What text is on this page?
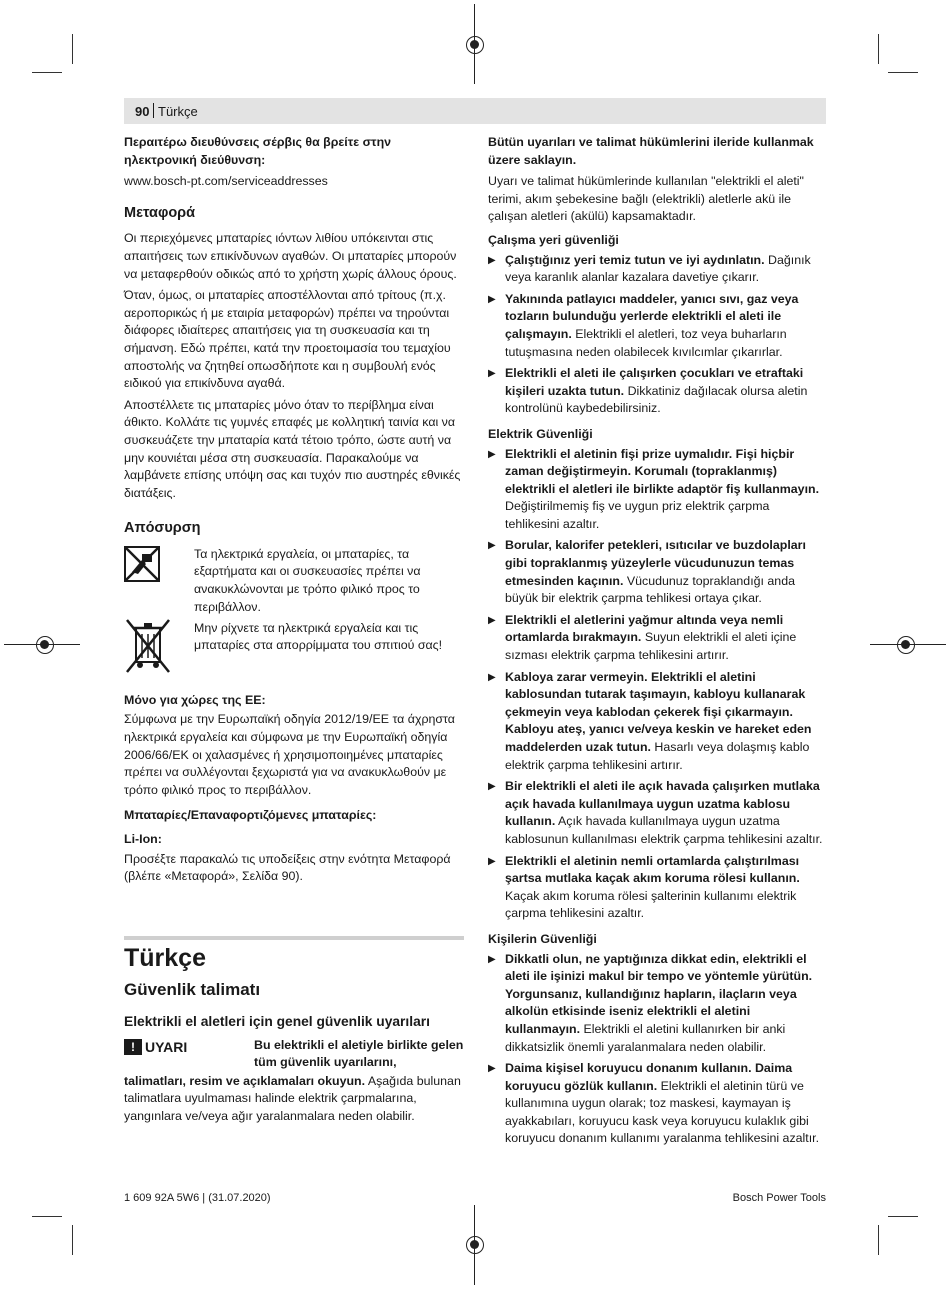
90 Türkçe

Περαιτέρω διευθύνσεις σέρβις θα βρείτε στην ηλεκτρονική διεύθυνση:

www.bosch-pt.com/serviceaddresses

Μεταφορά

Οι περιεχόμενες μπαταρίες ιόντων λιθίου υπόκεινται στις απαιτήσεις των επικίνδυνων αγαθών. Οι μπαταρίες μπορούν να μεταφερθούν οδικώς από το χρήστη χωρίς άλλους όρους.

Όταν, όμως, οι μπαταρίες αποστέλλονται από τρίτους (π.χ. αεροπορικώς ή με εταιρία μεταφορών) πρέπει να τηρούνται διάφορες ιδιαίτερες απαιτήσεις για τη συσκευασία και τη σήμανση. Εδώ πρέπει, κατά την προετοιμασία του τεμαχίου αποστολής να ζητηθεί οπωσδήποτε και η συμβουλή ενός ειδικού για επικίνδυνα αγαθά.

Αποστέλλετε τις μπαταρίες μόνο όταν το περίβλημα είναι άθικτο. Κολλάτε τις γυμνές επαφές με κολλητική ταινία και να συσκευάζετε την μπαταρία κατά τέτοιο τρόπο, ώστε αυτή να μην κουνιέται μέσα στη συσκευασία. Παρακαλούμε να λαμβάνετε επίσης υπόψη σας και τυχόν πιο αυστηρές εθνικές διατάξεις.

Απόσυρση
Τα ηλεκτρικά εργαλεία, οι μπαταρίες, τα εξαρτήματα και οι συσκευασίες πρέπει να ανακυκλώνονται με τρόπο φιλικό προς το περιβάλλον.
Μην ρίχνετε τα ηλεκτρικά εργαλεία και τις μπαταρίες στα απορρίμματα του σπιτιού σας!
Μόνο για χώρες της ΕΕ:

Σύμφωνα με την Ευρωπαϊκή οδηγία 2012/19/ΕΕ τα άχρηστα ηλεκτρικά εργαλεία και σύμφωνα με την Ευρωπαϊκή οδηγία 2006/66/ΕΚ οι χαλασμένες ή χρησιμοποιημένες μπαταρίες πρέπει να συλλέγονται ξεχωριστά για να ανακυκλωθούν με τρόπο φιλικό προς το περιβάλλον.

Μπαταρίες/Επαναφορτιζόμενες μπαταρίες:
Li-Ion:

Προσέξτε παρακαλώ τις υποδείξεις στην ενότητα Μεταφορά (βλέπε «Μεταφορά», Σελίδα 90).

Türkçe
Güvenlik talimatı
Elektrikli el aletleri için genel güvenlik uyarıları
! UYARI	Bu elektrikli el aletiyle birlikte gelen tüm güvenlik uyarılarını,

talimatları, resim ve açıklamaları okuyun. Aşağıda bulunan talimatlara uyulmaması halinde elektrik çarpmalarına, yangınlara ve/veya ağır yaralanmalara neden olabilir.

Bütün uyarıları ve talimat hükümlerini ileride kullanmak üzere saklayın.

Uyarı ve talimat hükümlerinde kullanılan "elektrikli el aleti" terimi, akım şebekesine bağlı (elektrikli) aletlerle akü ile çalışan aletleri (akülü) kapsamaktadır.

Çalışma yeri güvenliği
▶ Çalıştığınız yeri temiz tutun ve iyi aydınlatın. Dağınık veya karanlık alanlar kazalara davetiye çıkarır.
▶ Yakınında patlayıcı maddeler, yanıcı sıvı, gaz veya tozların bulunduğu yerlerde elektrikli el aleti ile çalışmayın. Elektrikli el aletleri, toz veya buharların tutuşmasına neden olabilecek kıvılcımlar çıkarırlar.
▶ Elektrikli el aleti ile çalışırken çocukları ve etraftaki kişileri uzakta tutun. Dikkatiniz dağılacak olursa aletin kontrolünü kaybedebilirsiniz.
Elektrik Güvenliği
▶ Elektrikli el aletinin fişi prize uymalıdır. Fişi hiçbir zaman değiştirmeyin. Korumalı (topraklanmış) elektrikli el aletleri ile birlikte adaptör fiş kullanmayın. Değiştirilmemiş fiş ve uygun priz elektrik çarpma tehlikesini azaltır.
▶ Borular, kalorifer petekleri, ısıtıcılar ve buzdolapları gibi topraklanmış yüzeylerle vücudunuzun temas etmesinden kaçının. Vücudunuz topraklandığı anda büyük bir elektrik çarpma tehlikesi ortaya çıkar.
▶ Elektrikli el aletlerini yağmur altında veya nemli ortamlarda bırakmayın. Suyun elektrikli el aleti içine sızması elektrik çarpma tehlikesini artırır.
▶ Kabloya zarar vermeyin. Elektrikli el aletini kablosundan tutarak taşımayın, kabloyu kullanarak çekmeyin veya kablodan çekerek fişi çıkarmayın. Kabloyu ateş, yanıcı ve/veya keskin ve hareket eden maddelerden uzak tutun. Hasarlı veya dolaşmış kablo elektrik çarpma tehlikesini artırır.
▶ Bir elektrikli el aleti ile açık havada çalışırken mutlaka açık havada kullanılmaya uygun uzatma kablosu kullanın. Açık havada kullanılmaya uygun uzatma kablosunun kullanılması elektrik çarpma tehlikesini azaltır.
▶ Elektrikli el aletinin nemli ortamlarda çalıştırılması şartsa mutlaka kaçak akım koruma rölesi kullanın. Kaçak akım koruma rölesi şalterinin kullanımı elektrik çarpma tehlikesini azaltır.
Kişilerin Güvenliği
▶ Dikkatli olun, ne yaptığınıza dikkat edin, elektrikli el aleti ile işinizi makul bir tempo ve yöntemle yürütün. Yorgunsanız, kullandığınız hapların, ilaçların veya alkolün etkisinde iseniz elektrikli el aletini kullanmayın. Elektrikli el aletini kullanırken bir anki dikkatsizlik önemli yaralanmalara neden olabilir.
▶ Daima kişisel koruyucu donanım kullanın. Daima koruyucu gözlük kullanın. Elektrikli el aletinin türü ve kullanımına uygun olarak; toz maskesi, kaymayan iş ayakkabıları, koruyucu kask veya koruyucu kulaklık gibi koruyucu donanım kullanımı yaralanma tehlikesini azaltır.
1 609 92A 5W6 | (31.07.2020)	Bosch Power Tools
